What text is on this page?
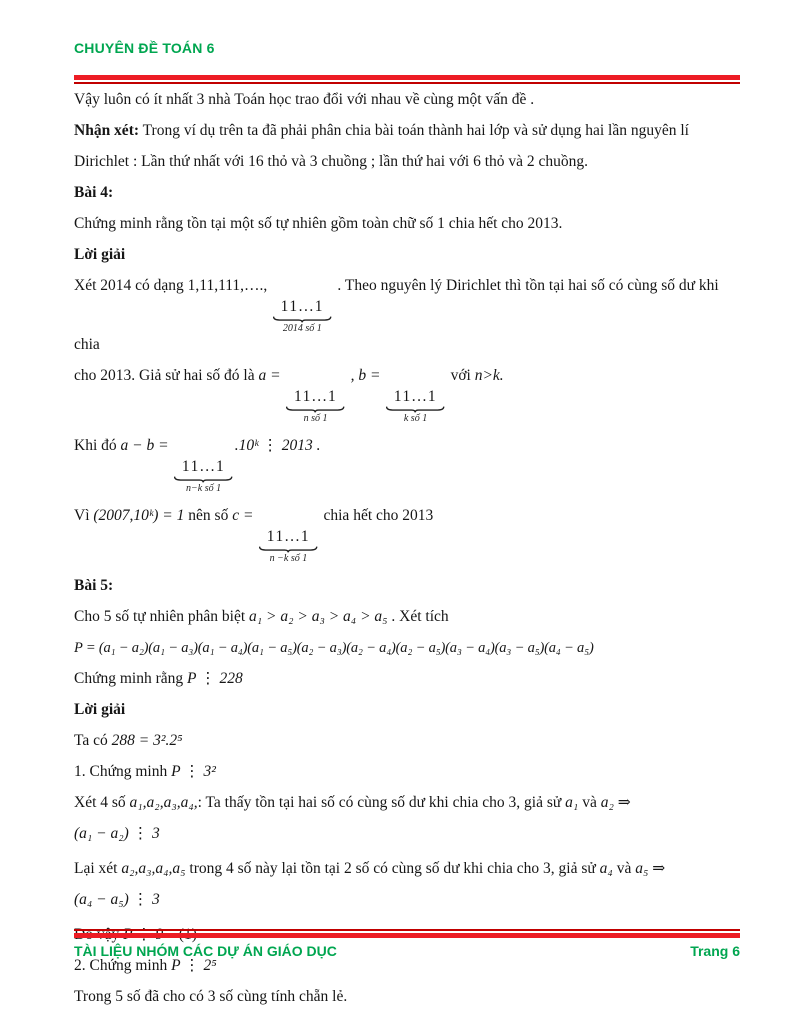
CHUYÊN ĐỀ TOÁN 6
Vậy luôn có ít nhất 3 nhà Toán học trao đổi với nhau về cùng một vấn đề .
Nhận xét: Trong ví dụ trên ta đã phải phân chia bài toán thành hai lớp và sử dụng hai lần nguyên lí
Dirichlet : Lần thứ nhất với 16 thỏ và 3 chuồng ; lần thứ hai với 6 thỏ và 2 chuồng.
Bài 4:
Chứng minh rằng tồn tại một số tự nhiên gồm toàn chữ số 1 chia hết cho 2013.
Lời giải
Xét 2014 có dạng 1,11,111,….,
11...1
2014 số 1
. Theo nguyên lý Dirichlet thì tồn tại hai số có cùng số dư khi chia
cho 2013. Giả sử hai số đó là a =
11...1
n số 1
, b =
11...1
k số 1
với n>k.
Khi đó a − b =
11...1
n−k số 1
.10ᵏ ⋮ 2013 .
Vì (2007,10ᵏ) = 1 nên số c =
11...1
n −k số 1
chia hết cho 2013
Bài 5:
Cho 5 số tự nhiên phân biệt a₁ > a₂ > a₃ > a₄ > a₅ . Xét tích
P = (a₁ − a₂)(a₁ − a₃)(a₁ − a₄)(a₁ − a₅)(a₂ − a₃)(a₂ − a₄)(a₂ − a₅)(a₃ − a₄)(a₃ − a₅)(a₄ − a₅)
Chứng minh rằng P ⋮ 228
Lời giải
Ta có 288 = 3².2⁵
1. Chứng minh P ⋮ 3²
Xét 4 số a₁,a₂,a₃,a₄,: Ta thấy tồn tại hai số có cùng số dư khi chia cho 3, giả sử a₁ và a₂ ⇒
(a₁ − a₂) ⋮ 3
Lại xét a₂,a₃,a₄,a₅ trong 4 số này lại tồn tại 2 số có cùng số dư khi chia cho 3, giả sử a₄ và a₅ ⇒
(a₄ − a₅) ⋮ 3
2. Chứng minh P ⋮ 2⁵
Trong 5 số đã cho có 3 số cùng tính chẵn lẻ.
TÀI LIỆU NHÓM CÁC DỰ ÁN GIÁO DỤC	Trang 6
